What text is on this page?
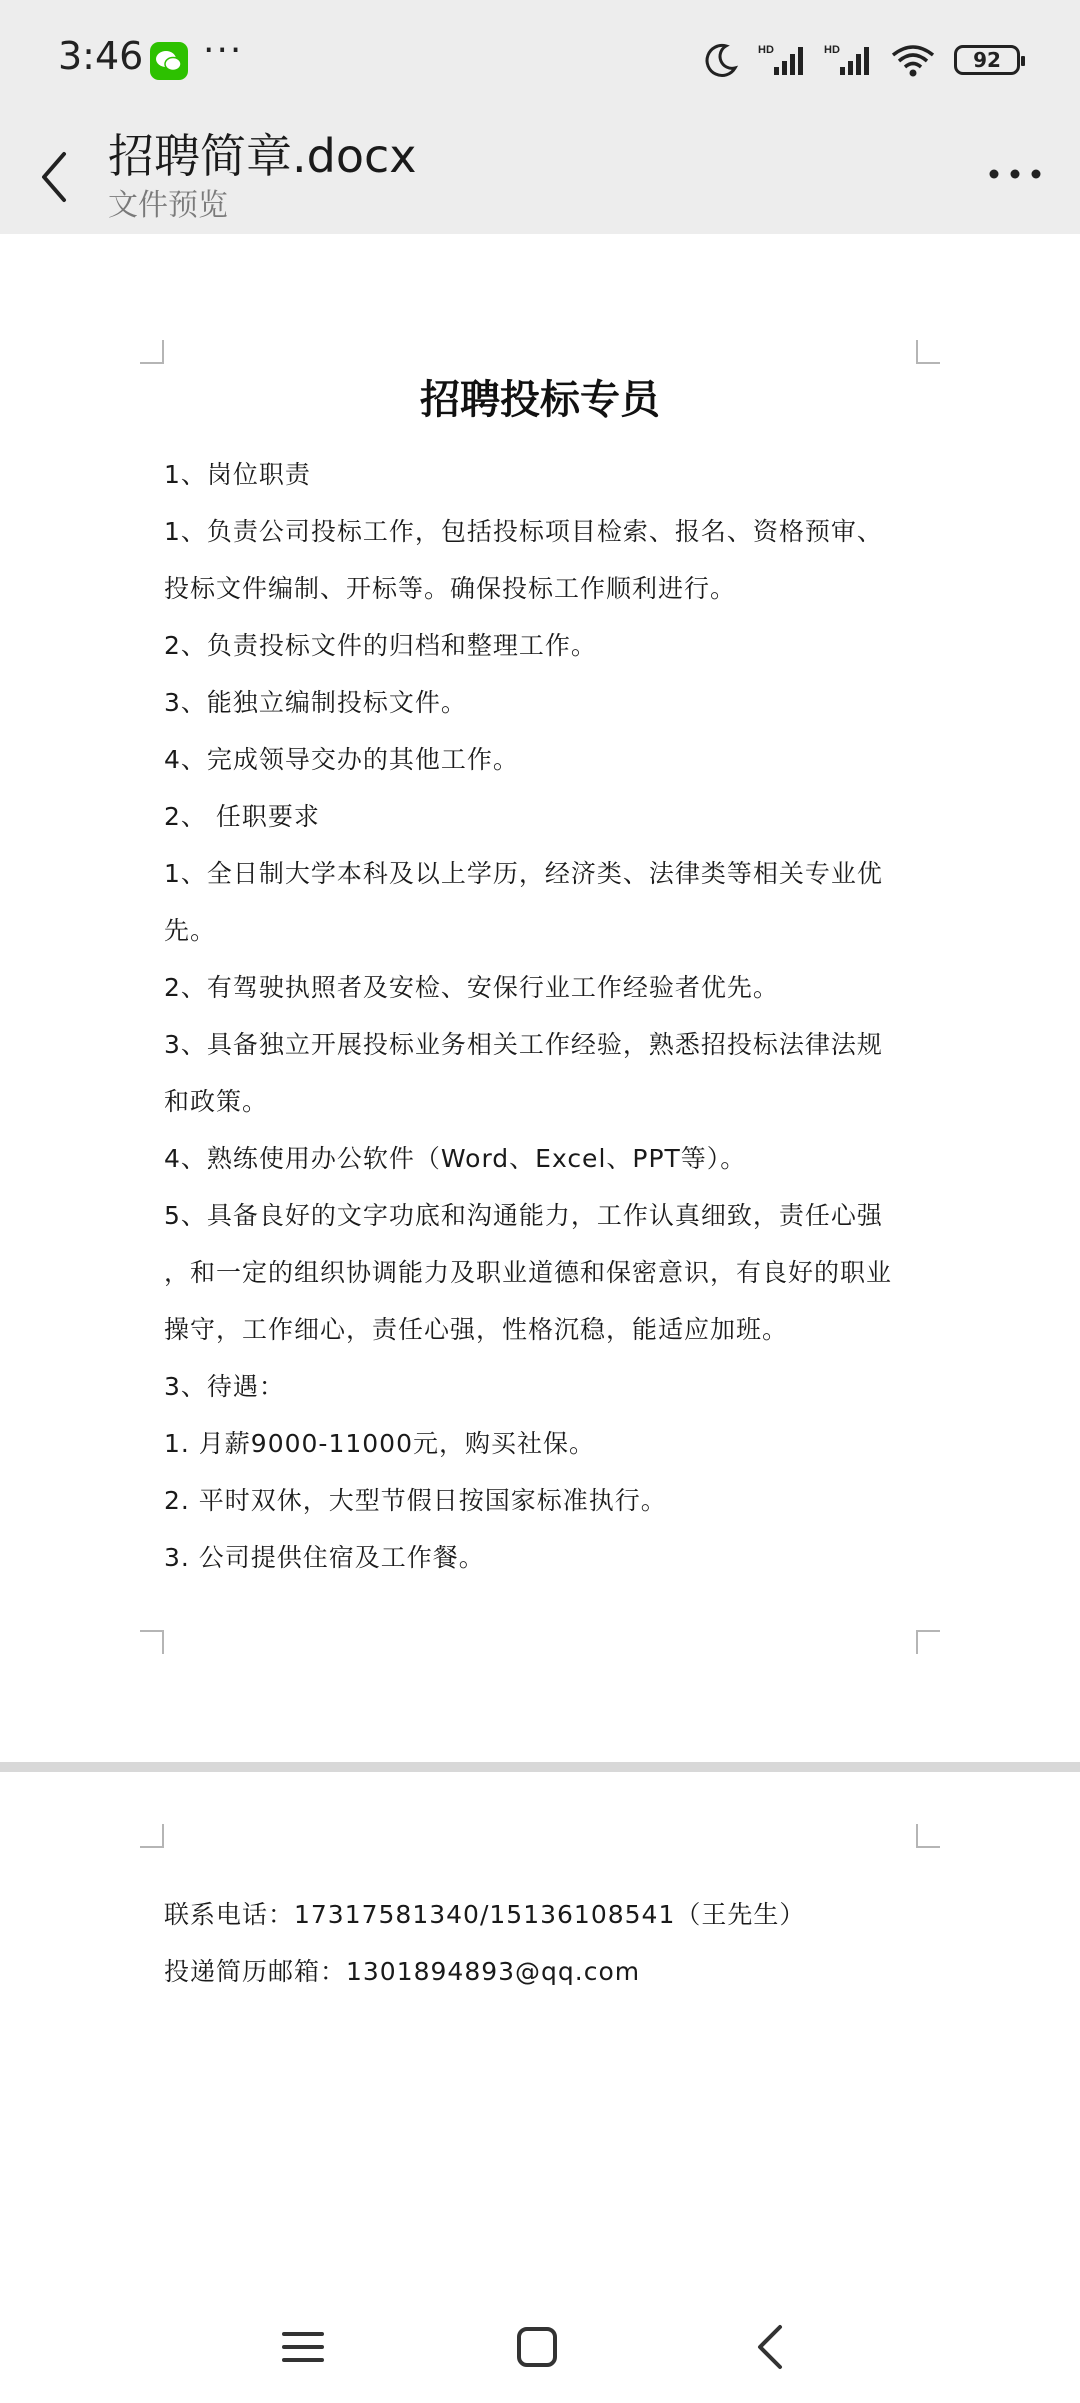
3:46 ···	HD	HD	92
招聘简章.docx
文件预览
招聘投标专员
1、岗位职责
1、负责公司投标工作，包括投标项目检索、报名、资格预审、
投标文件编制、开标等。确保投标工作顺利进行。
2、负责投标文件的归档和整理工作。
3、能独立编制投标文件。
4、完成领导交办的其他工作。
2、 任职要求
1、全日制大学本科及以上学历，经济类、法律类等相关专业优
先。
2、有驾驶执照者及安检、安保行业工作经验者优先。
3、具备独立开展投标业务相关工作经验，熟悉招投标法律法规
和政策。
4、熟练使用办公软件（Word、Excel、PPT等）。
5、具备良好的文字功底和沟通能力，工作认真细致，责任心强
，和一定的组织协调能力及职业道德和保密意识，有良好的职业
操守，工作细心，责任心强，性格沉稳，能适应加班。
3、待遇：
1. 月薪9000-11000元，购买社保。
2. 平时双休，大型节假日按国家标准执行。
3. 公司提供住宿及工作餐。
联系电话：17317581340/15136108541（王先生）
投递简历邮箱：1301894893@qq.com
